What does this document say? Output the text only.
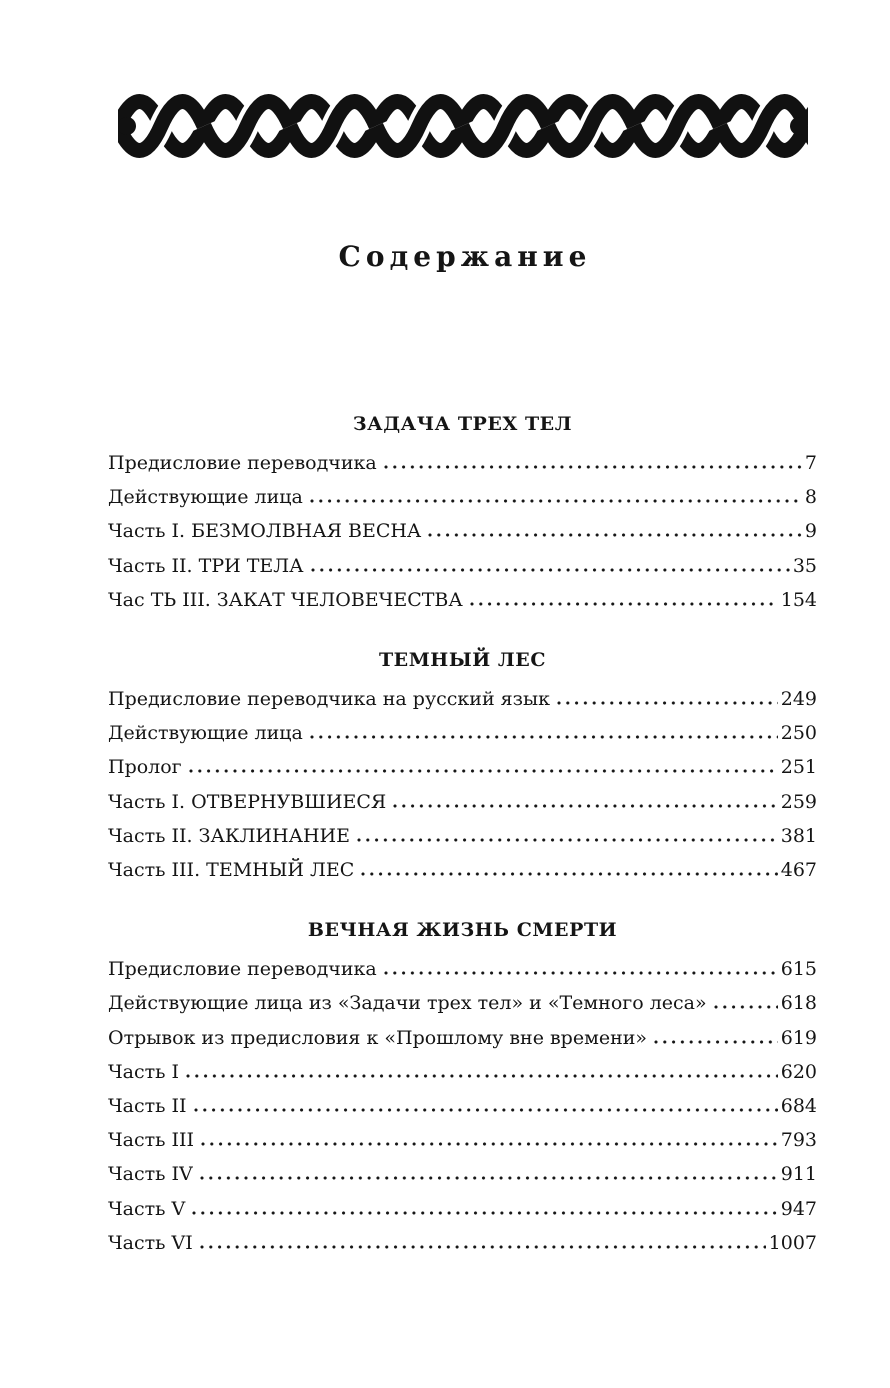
Содержание
ЗАДАЧА ТРЕХ ТЕЛ
Предисловие переводчика	7
Действующие лица	8
Часть I. БЕЗМОЛВНАЯ ВЕСНА	9
Часть II. ТРИ ТЕЛА	35
Час ТЬ III. ЗАКАТ ЧЕЛОВЕЧЕСТВА	154
ТЕМНЫЙ ЛЕС
Предисловие переводчика на русский язык	249
Действующие лица	250
Пролог	251
Часть I. ОТВЕРНУВШИЕСЯ	259
Часть II. ЗАКЛИНАНИЕ	381
Часть III. ТЕМНЫЙ ЛЕС	467
ВЕЧНАЯ ЖИЗНЬ СМЕРТИ
Предисловие переводчика	615
Действующие лица из «Задачи трех тел» и «Темного леса»	618
Отрывок из предисловия к «Прошлому вне времени»	619
Часть I	620
Часть II	684
Часть III	793
Часть IV	911
Часть V	947
Часть VI	1007
